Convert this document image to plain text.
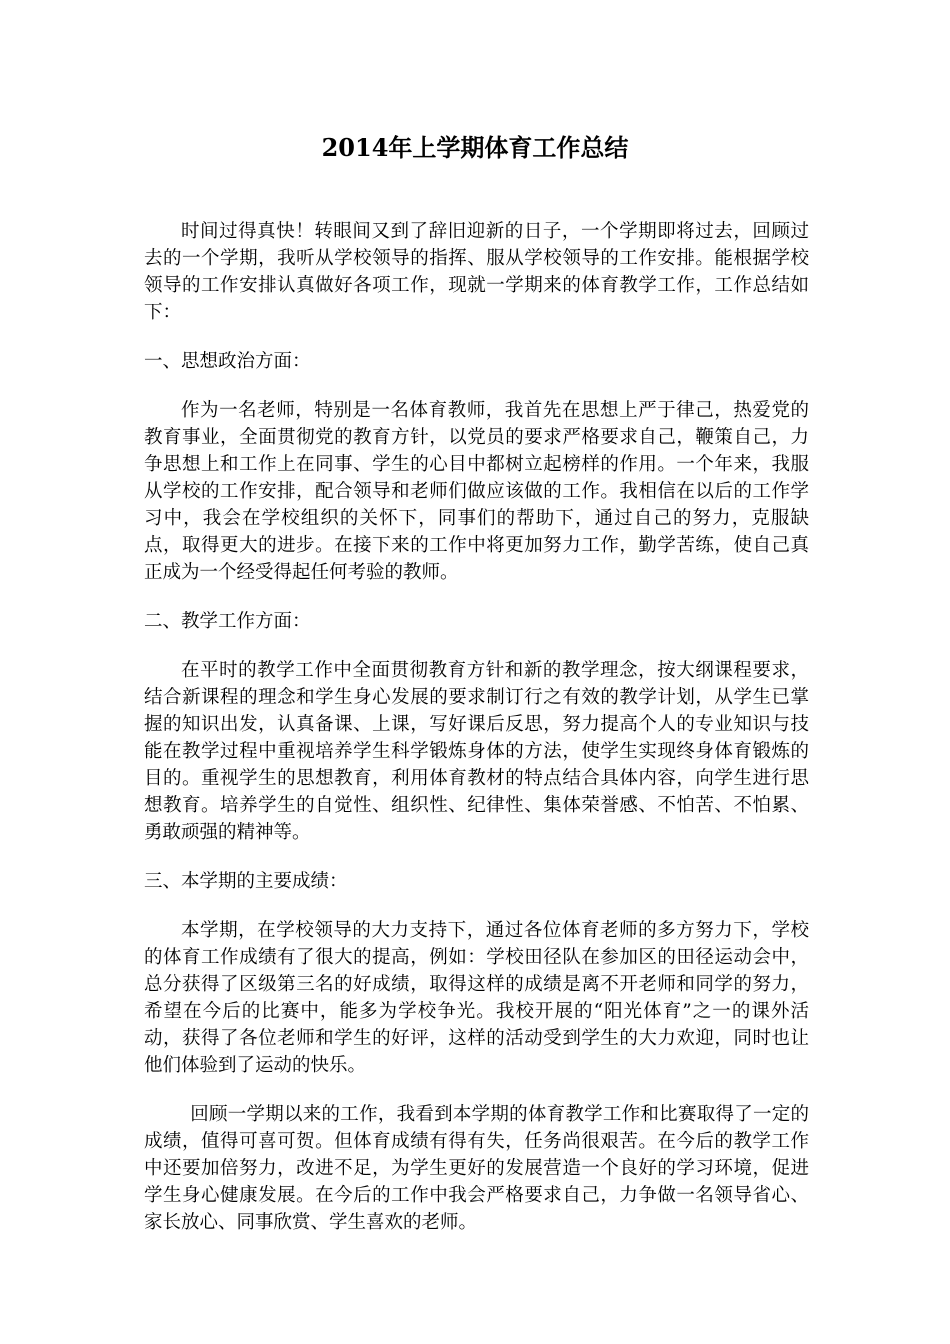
2014年上学期体育工作总结

时间过得真快！转眼间又到了辞旧迎新的日子，一个学期即将过去，回顾过去的一个学期，我听从学校领导的指挥、服从学校领导的工作安排。能根据学校领导的工作安排认真做好各项工作，现就一学期来的体育教学工作，工作总结如下：

一、思想政治方面：

作为一名老师，特别是一名体育教师，我首先在思想上严于律己，热爱党的教育事业，全面贯彻党的教育方针，以党员的要求严格要求自己，鞭策自己，力争思想上和工作上在同事、学生的心目中都树立起榜样的作用。一个年来，我服从学校的工作安排，配合领导和老师们做应该做的工作。我相信在以后的工作学习中，我会在学校组织的关怀下，同事们的帮助下，通过自己的努力，克服缺点，取得更大的进步。在接下来的工作中将更加努力工作，勤学苦练，使自己真正成为一个经受得起任何考验的教师。

二、教学工作方面：

在平时的教学工作中全面贯彻教育方针和新的教学理念，按大纲课程要求，结合新课程的理念和学生身心发展的要求制订行之有效的教学计划，从学生已掌握的知识出发，认真备课、上课，写好课后反思，努力提高个人的专业知识与技能在教学过程中重视培养学生科学锻炼身体的方法，使学生实现终身体育锻炼的目的。重视学生的思想教育，利用体育教材的特点结合具体内容，向学生进行思想教育。培养学生的自觉性、组织性、纪律性、集体荣誉感、不怕苦、不怕累、勇敢顽强的精神等。

三、本学期的主要成绩：

本学期，在学校领导的大力支持下，通过各位体育老师的多方努力下，学校的体育工作成绩有了很大的提高，例如：学校田径队在参加区的田径运动会中，总分获得了区级第三名的好成绩，取得这样的成绩是离不开老师和同学的努力，希望在今后的比赛中，能多为学校争光。我校开展的“阳光体育”之一的课外活动，获得了各位老师和学生的好评，这样的活动受到学生的大力欢迎，同时也让他们体验到了运动的快乐。

回顾一学期以来的工作，我看到本学期的体育教学工作和比赛取得了一定的成绩，值得可喜可贺。但体育成绩有得有失，任务尚很艰苦。在今后的教学工作中还要加倍努力，改进不足，为学生更好的发展营造一个良好的学习环境，促进学生身心健康发展。在今后的工作中我会严格要求自己，力争做一名领导省心、家长放心、同事欣赏、学生喜欢的老师。
